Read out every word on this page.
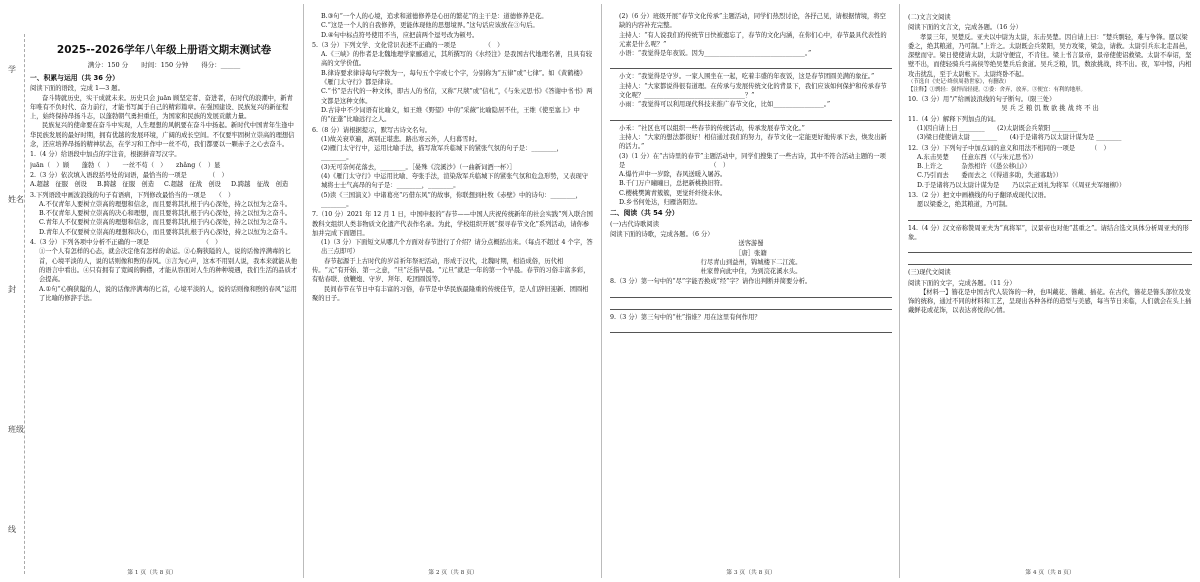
学
姓名
封
班级
线
2025--2026学年八年级上册语文期末测试卷
满分：150 分　　时间：150 分钟　　得分：______
一、积累与运用（共 36 分）
阅读下面的语段，完成 1—3 题。
奋斗铸就历史，实干成就未来。历史只会 juān 顾坚定者、奋进者，在时代的浪潮中，新青年唯有不负时代、奋力前行，才能书写属于自己的精彩篇章。在强国建设、民族复兴的新征程上，始终保持昂扬斗志，以蓬勃朝气勇担重任，为国家和民族的发展贡献力量。
民族复兴的使命要在奋斗中实现，人生理想的风帆要在奋斗中扬起。新时代中国青年生逢中华民族发展的最好时期，拥有优越的发展环境，广阔的成长空间。不仅要牢固树立崇高的理想信念，还应培养昂扬的精神状态，在学习和工作中一丝不苟，我们都要以一颗赤子之心去奋斗。
1.（4 分）给语段中加点的字注音，根据拼音写汉字。
juān（　）顾　　蓬勃（　）　　一丝不苟（　）　　zhǎng（　）显
2.（3 分）依次填入语段括号处的词语，最恰当的一项是　　　　（　）
A.超越　征服　创设	B.跨越　征服　创造	C.超越　征战　创设	D.跨越　征战　创造
3.下列语段中画波浪线的句子有语病，下列修改最恰当的一项是　　（　）
A.不仅青年人要树立崇高的理想和信念，而且要将其扎根于内心深处，持之以恒为之奋斗。
B.不仅青年人要树立崇高的决心和理想，而且要将其扎根于内心深处，持之以恒为之奋斗。
C.青年人不仅要树立崇高的理想和信念，而且要将其扎根于内心深处，持之以恒为之奋斗。
D.青年人不仅要树立崇高的理想和决心，而且要将其扎根于内心深处，持之以恒为之奋斗。
4.（3 分）下列各项中分析不正确的一项是　　　　　　　　　（　）
①一个人有怎样的心态，就会决定他有怎样的命运。②心胸狭隘的人，说的话像淬满毒的匕首，心境平淡的人，说的话则像和煦的春风。③言为心声，这本不用别人说，我本来就能从他的语言中看出。④只有拥有了宽阔的胸襟，才能从容面对人生的种种境遇，我们生活的品质才会提高。
A.①句“心胸狭隘的人，说的话像淬满毒的匕首，心境平淡的人，说的话则像和煦的春风”运用了比喻的修辞手法。
第 1 页（共 8 页）
B.③句“一个人的心境，追求和道德修养是心田的繁花”的主干是：道德修养是花。
C.“这是一个人的自我修养，更能体现他的思想境界。”这句话应该放在③句后。
D.④句中标点符号使用不当，应把前两个逗号改为顿号。
5.（3 分）下列文学、文化常识表述不正确的一项是　　　　　（　）
A.《三峡》的作者是北魏地理学家郦道元，其所撰写的《水经注》是我国古代地理名著，且具有较高的文学价值。
B.律诗要求律诗每句字数为一，每句五个字或七个字，分别称为“五律”或“七律”。如《黄鹤楼》《雁门太守行》都是律诗。
C.“书”是古代的一种文体，即古人的书信，又称“尺牍”或“信札”，《与朱元思书》《答谢中书书》两文都是这种文体。
D.古诗中不少词语有比喻义，如王维《野望》中的“采薇”比喻隐居不仕，王维《使至塞上》中的“征蓬”比喻远行之人。
6.（8 分）请根据提示，默写古诗文名句。
(1)故关衰草遍，离别正堪悲。路出寒云外，人归暮雪时。
(2)雁门太守行中，运用比喻手法，描写敌军兵临城下的紧张气氛的句子是：________，________。
(3)无可奈何花落去，________。［晏殊《浣溪沙》（一曲新词酒一杯）］
(4)《雁门太守行》中运用比喻、夸张手法，渲染敌军兵临城下的紧张气氛和危急形势，又表现守城将士士气高昂的句子是：________，________。
(5)读《三国演义》中诸葛亮“巧借东风”的故事，你联想到杜牧《赤壁》中的诗句：________，________。
7.（10 分）2021 年 12 月 1 日，中国申报的“春节——中国人庆祝传统新年的社会实践”列入联合国教科文组织人类非物质文化遗产代表作名录。为此，学校组织开展“探寻春节文化”系列活动，请你参加并完成下面题目。
(1)（3 分）下面短文从哪几个方面对春节进行了介绍？请分点概括出来。（每点不超过 4 个字，答出三点即可）
春节起源于上古时代的岁首祈年祭祀活动，形成于汉代，北魏时期，相沿成俗，历代相传。“元”有开始、第一之意，“旦”泛指早晨。“元旦”就是一年的第一个早晨。春节的习俗丰富多彩，有贴春联、放鞭炮、守岁、拜年、吃团圆饭等。
民间春节在节日中有丰富的习俗，春节是中华民族最隆重的传统佳节，是人们辞旧迎新、团圆相聚的日子。
第 2 页（共 8 页）
(2)（6 分）班级开展“春节文化传承”主题活动，同学们热烈讨论，各抒己见，请根据情境，将空缺的内容补充完整。
主持人：“有人说我们的传统节日快被遗忘了，春节的文化内涵，在你们心中，春节最具代表性的元素是什么呢？”
小语：“我觉得是年夜饭。因为________________________________。”
小文：“我觉得是守岁。一家人围坐在一起，吃着丰盛的年夜饭，这是春节团圆美满的象征。”
主持人：“大家都说得很有道理。在传承与发展传统文化的背景下，我们应该如何保护和传承春节文化呢？________________________________？”
小雨：“我觉得可以利用现代科技来推广春节文化，比如________________。”
小禾：“社区也可以组织一些春节的传统活动，传承发展春节文化。”
主持人：“大家的想法都很好！相信通过我们的努力，春节文化一定能更好地传承下去，焕发出新的活力。”
(3)（1 分）在“古诗里的春节”主题活动中，同学们搜集了一些古诗，其中不符合活动主题的一项是　　　　　　　　　　　　　　（　）
A.爆竹声中一岁除，春风送暖入屠苏。
B.千门万户曈曈日，总把新桃换旧符。
C.樱桃樊篱青簇簇，更觉纤纤绕未休。
D.乡书何处达，归雁洛阳边。
二、阅读（共 54 分）
(一)古代诗歌阅读
阅读下面的诗歌，完成各题。（6 分）
送客游蜀
［唐］张籍
行尽青山到益州，锦城楼下二江流。
杜家曾向此中住，为到浣花溪水头。
8.（3 分）第一句中的“尽”字能否换成“经”字？请作出判断并简要分析。
9.（3 分）第三句中的“杜”指谁？用在这里有何作用？
第 3 页（共 8 页）
(二)文言文阅读
阅读下面的文言文，完成各题。（16 分）
孝景三年，吴楚反。亚夫以中尉为太尉，东击吴楚。因自请上曰：“楚兵剽轻，难与争锋。愿以梁委之，绝其粮道，乃可制。”上许之。太尉既会兵荥阳，吴方攻梁，梁急，请救。太尉引兵东北走昌邑，深壁而守。梁日使使请太尉，太尉守便宜，不肯往。梁上书言景帝，景帝使使诏救梁。太尉不奉诏，坚壁不出，而使轻骑兵弓高侯等绝吴楚兵后食道。吴兵乏粮，饥，数欲挑战，终不出。夜，军中惊，内相攻击扰乱，至于太尉帐下。太尉终卧不起。
（节选自《史记·绛侯周勃世家》，有删改）
【注释】①剽轻：强悍而轻捷。②委：舍弃，放弃。③便宜：有利的地形。
10.（3 分）用“/”给画波浪线的句子断句。（限三处）
吴 兵 乏 粮 饥 数 欲 挑 战 终 不 出
11.（4 分）解释下列加点的词。
(1)因自请上曰 ________　　(2)太尉既会兵荥阳 ________
(3)梁日使使请太尉 ________　　(4)于是诸将乃以太尉计谋为是 ________
12.（3 分）下列句子中加点词的意义和用法不相同的一项是　　　（　）
A.东击吴楚　　任意东西（《与朱元思书》）
B.上许之　　　杂然相许（《愚公移山》）
C.乃引而去　　委而去之（《得道多助，失道寡助》）
D.于是诸将乃以太尉计谋为是　　乃以宗正刘礼为将军（《周亚夫军细柳》）
13.（2 分）把文中画横线的句子翻译成现代汉语。
愿以梁委之，绝其粮道，乃可制。
14.（4 分）汉文帝称赞周亚夫为“真将军”，汉景帝也对他“甚重之”。请结合选文具体分析周亚夫的形象。
(三)现代文阅读
阅读下面的文字，完成各题。（11 分）
【材料一】簪花是中国古代人装饰的一种，也叫戴花、簪戴、插花。在古代，簪花是簪头部位及发饰的统称，通过不同的材料和工艺，呈现出各种各样的造型与美感，每当节日来临，人们就会在头上插戴鲜花或花饰，以表达喜悦的心情。
第 4 页（共 8 页）
